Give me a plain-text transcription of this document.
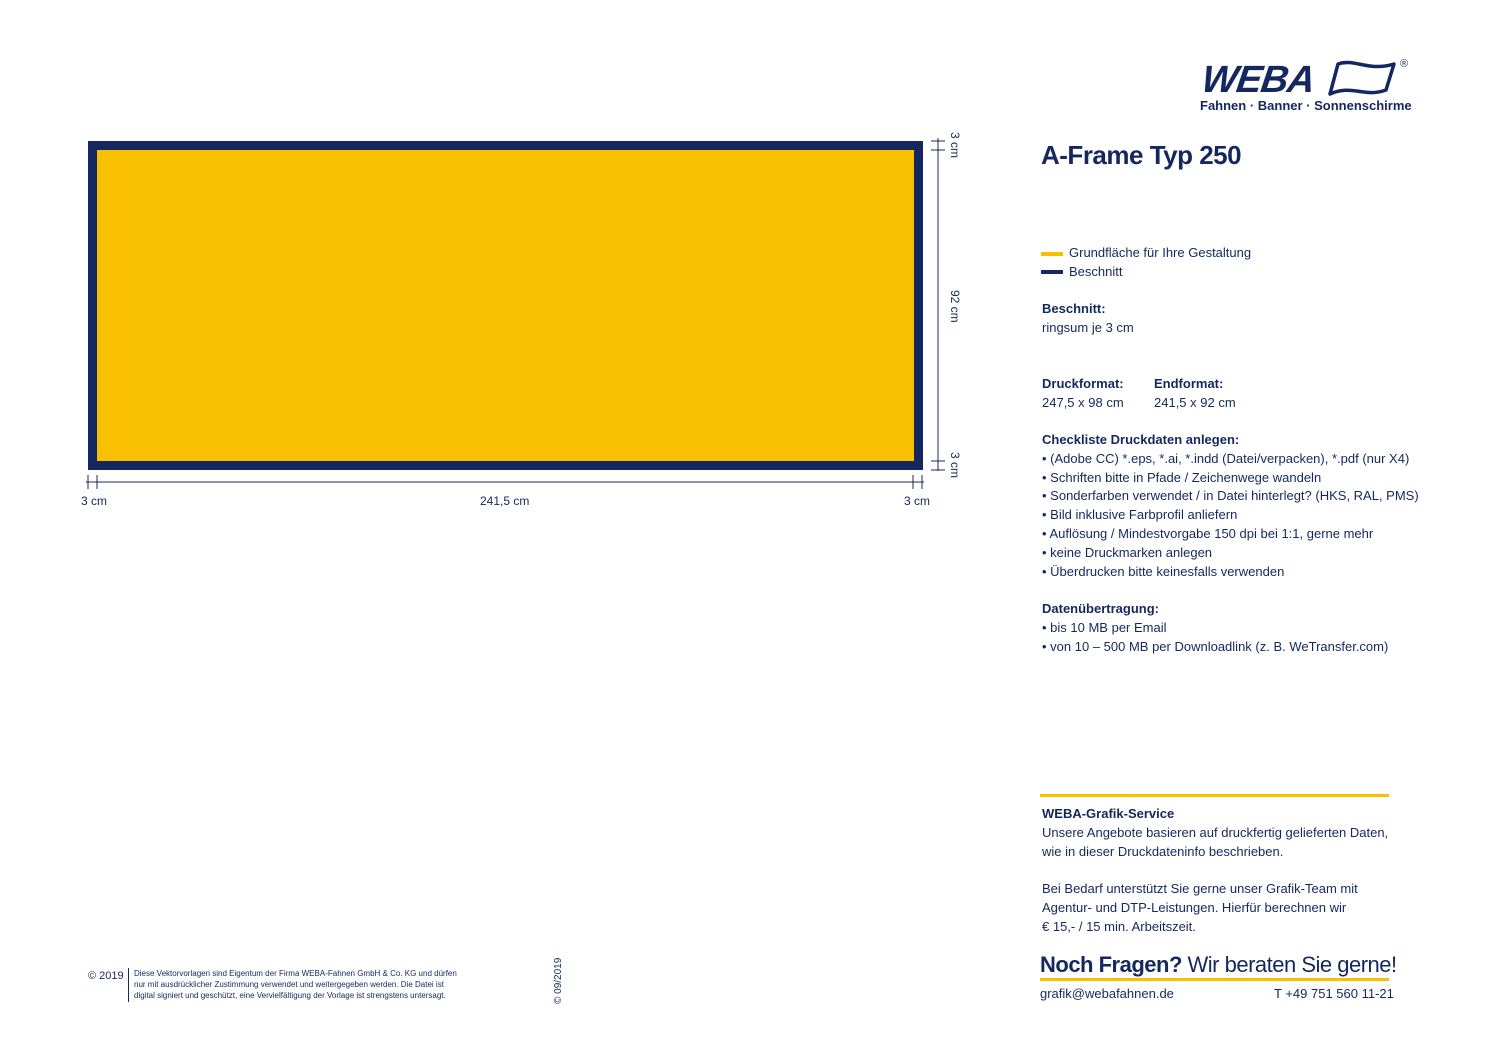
WEBA	®
Fahnen · Banner · Sonnenschirme
3 cm
92 cm
3 cm
3 cm	241,5 cm	3 cm
A-Frame Typ 250
Grundfläche für Ihre Gestaltung
Beschnitt
Beschnitt:
ringsum je 3 cm
Druckformat:
247,5 x 98 cm
Endformat:
241,5 x 92 cm
Checkliste Druckdaten anlegen:
• (Adobe CC) *.eps, *.ai, *.indd (Datei/verpacken), *.pdf (nur X4)
• Schriften bitte in Pfade / Zeichenwege wandeln
• Sonderfarben verwendet / in Datei hinterlegt? (HKS, RAL, PMS)
• Bild inklusive Farbprofil anliefern
• Auflösung / Mindestvorgabe 150 dpi bei 1:1, gerne mehr
• keine Druckmarken anlegen
• Überdrucken bitte keinesfalls verwenden
Datenübertragung:
• bis 10 MB per Email
• von 10 – 500 MB per Downloadlink (z. B. WeTransfer.com)
WEBA-Grafik-Service
Unsere Angebote basieren auf druckfertig gelieferten Daten,
wie in dieser Druckdateninfo beschrieben.
Bei Bedarf unterstützt Sie gerne unser Grafik-Team mit
Agentur- und DTP-Leistungen. Hierfür berechnen wir
€ 15,- / 15 min. Arbeitszeit.
Noch Fragen? Wir beraten Sie gerne!
grafik@webafahnen.de	T +49 751 560 11-21
© 2019 Diese Vektorvorlagen sind Eigentum der Firma WEBA-Fahnen GmbH & Co. KG und dürfen
nur mit ausdrücklicher Zustimmung verwendet und weitergegeben werden. Die Datei ist
digital signiert und geschützt, eine Vervielfältigung der Vorlage ist strengstens untersagt.	© 09/2019
